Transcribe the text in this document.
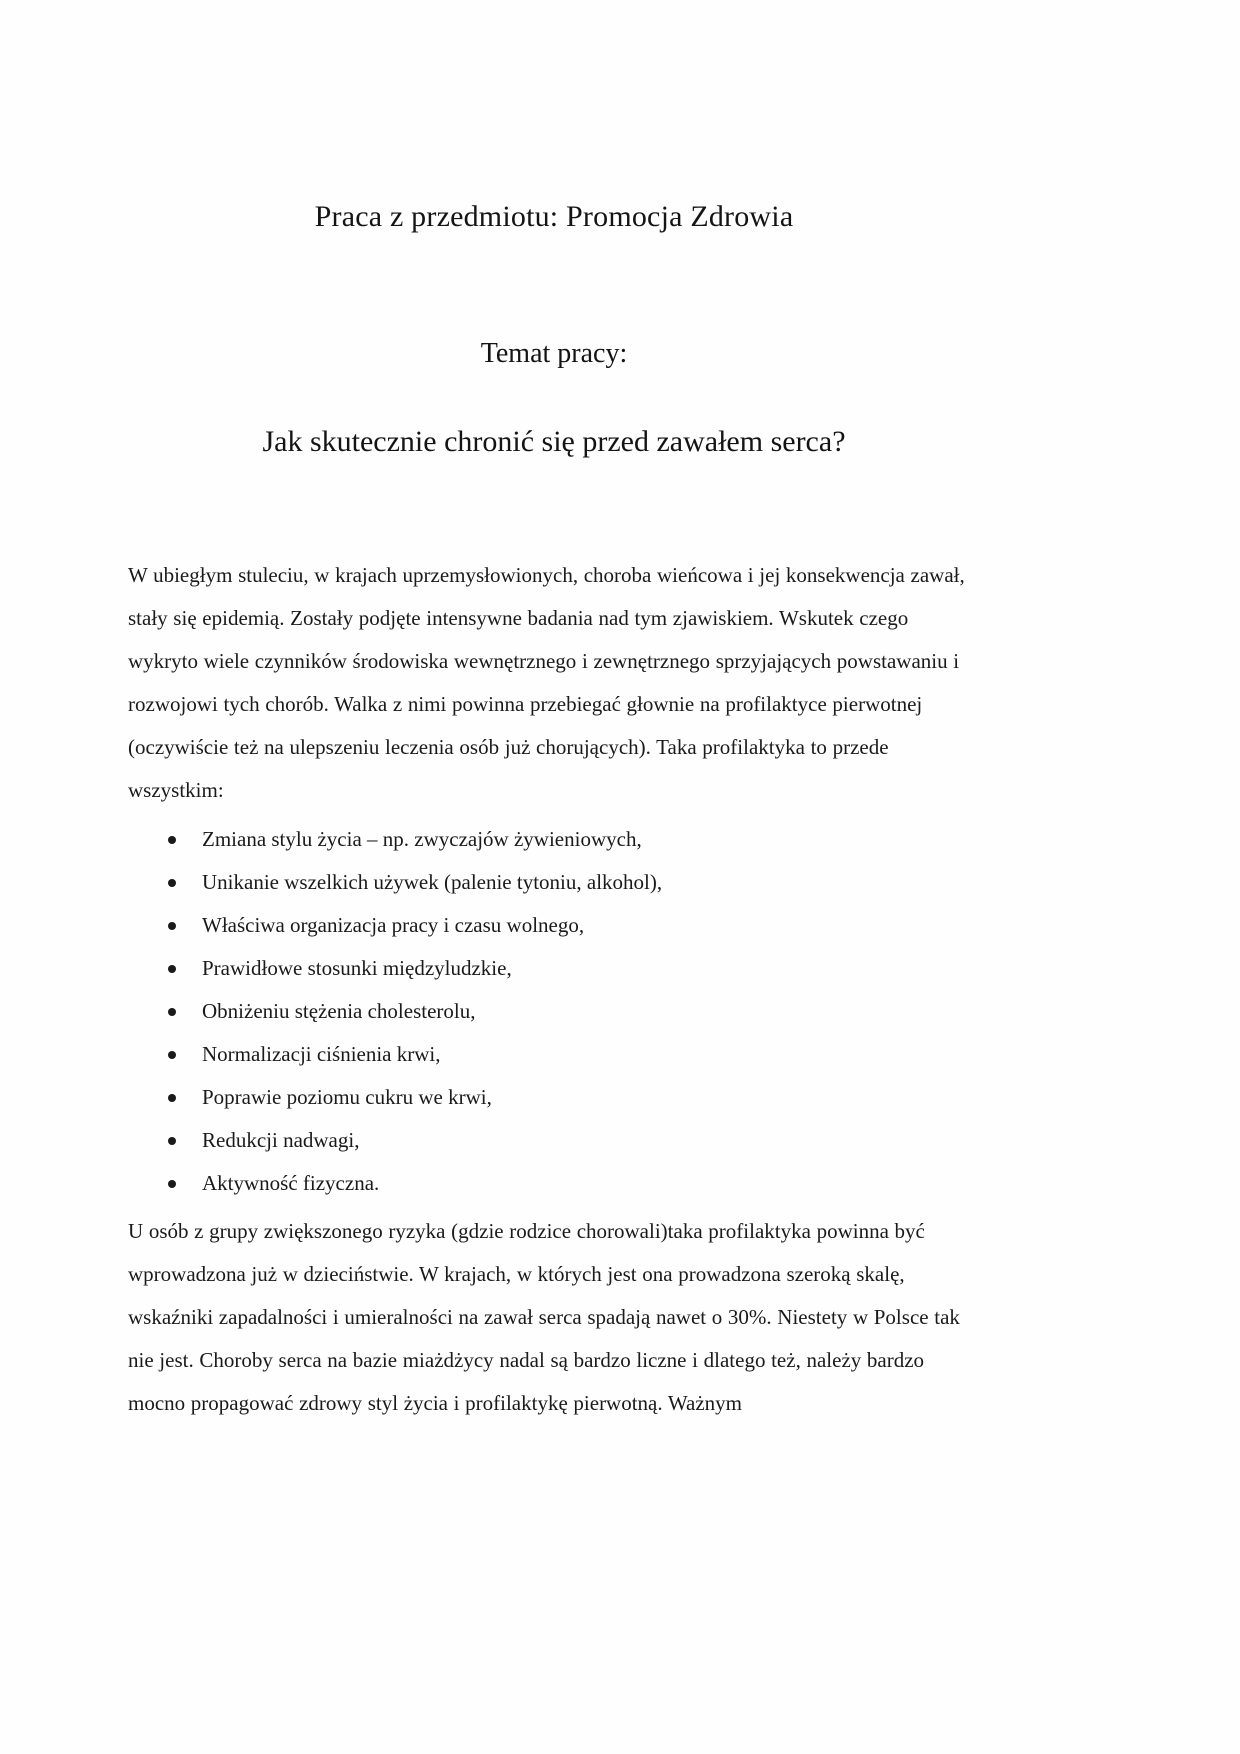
Praca z przedmiotu: Promocja Zdrowia
Temat pracy:
Jak skutecznie chronić się przed zawałem serca?

W ubiegłym stuleciu, w krajach uprzemysłowionych, choroba wieńcowa i jej konsekwencja zawał, stały się epidemią. Zostały podjęte intensywne badania nad tym zjawiskiem. Wskutek czego wykryto wiele czynników środowiska wewnętrznego i zewnętrznego sprzyjających powstawaniu i rozwojowi tych chorób. Walka z nimi powinna przebiegać głownie na profilaktyce pierwotnej (oczywiście też na ulepszeniu leczenia osób już chorujących). Taka profilaktyka to przede wszystkim:

Zmiana stylu życia – np. zwyczajów żywieniowych,
Unikanie wszelkich używek (palenie tytoniu, alkohol),
Właściwa organizacja pracy i czasu wolnego,
Prawidłowe stosunki międzyludzkie,
Obniżeniu stężenia cholesterolu,
Normalizacji ciśnienia krwi,
Poprawie poziomu cukru we krwi,
Redukcji nadwagi,
Aktywność fizyczna.

U osób z grupy zwiększonego ryzyka (gdzie rodzice chorowali)taka profilaktyka powinna być wprowadzona już w dzieciństwie. W krajach, w których jest ona prowadzona szeroką skalę, wskaźniki zapadalności i umieralności na zawał serca spadają nawet o 30%. Niestety w Polsce tak nie jest. Choroby serca na bazie miażdżycy nadal są bardzo liczne i dlatego też, należy bardzo mocno propagować zdrowy styl życia i profilaktykę pierwotną. Ważnym
